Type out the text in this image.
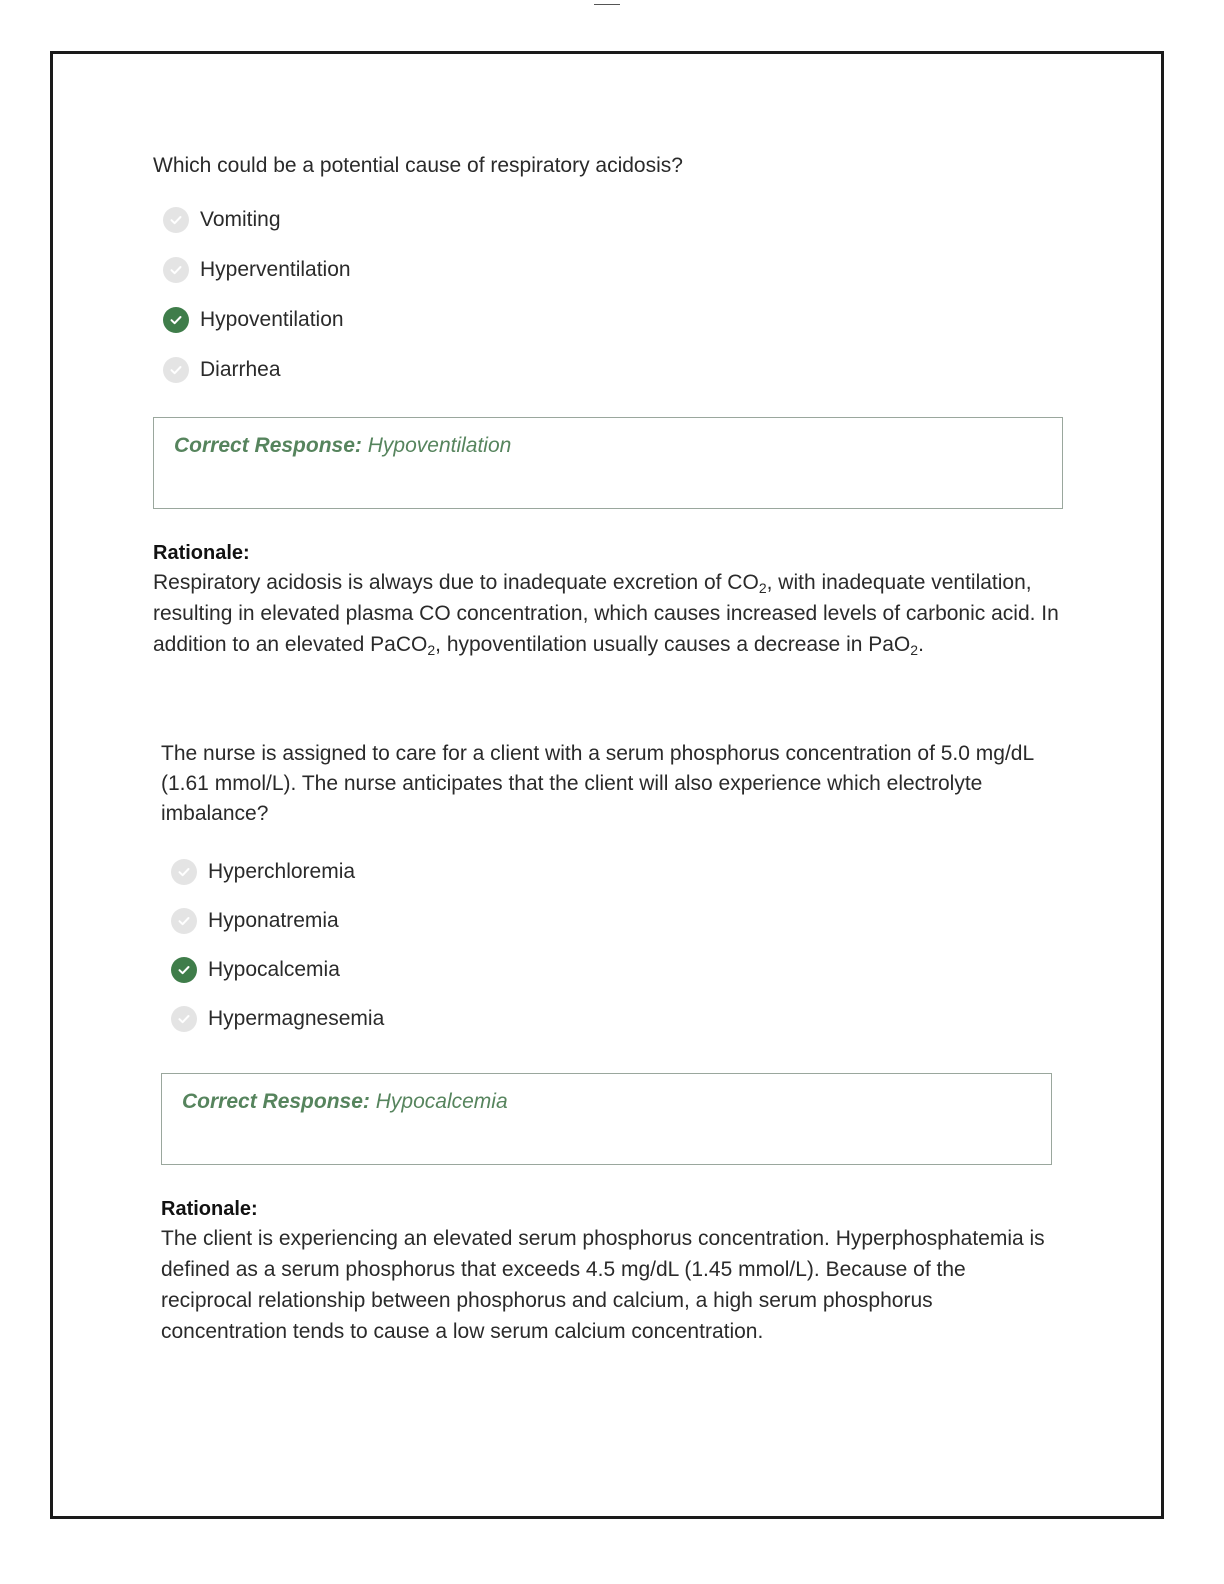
Which could be a potential cause of respiratory acidosis?
Vomiting
Hyperventilation
Hypoventilation
Diarrhea
Correct Response: Hypoventilation
Rationale:
Respiratory acidosis is always due to inadequate excretion of $CO_2$, with inadequate ventilation, resulting in elevated plasma CO concentration, which causes increased levels of carbonic acid. In addition to an elevated PaCO$_2$, hypoventilation usually causes a decrease in PaO$_2$.
The nurse is assigned to care for a client with a serum phosphorus concentration of 5.0 mg/dL (1.61 mmol/L). The nurse anticipates that the client will also experience which electrolyte imbalance?
Hyperchloremia
Hyponatremia
Hypocalcemia
Hypermagnesemia
Correct Response: Hypocalcemia
Rationale:
The client is experiencing an elevated serum phosphorus concentration. Hyperphosphatemia is defined as a serum phosphorus that exceeds 4.5 mg/dL (1.45 mmol/L). Because of the reciprocal relationship between phosphorus and calcium, a high serum phosphorus concentration tends to cause a low serum calcium concentration.
